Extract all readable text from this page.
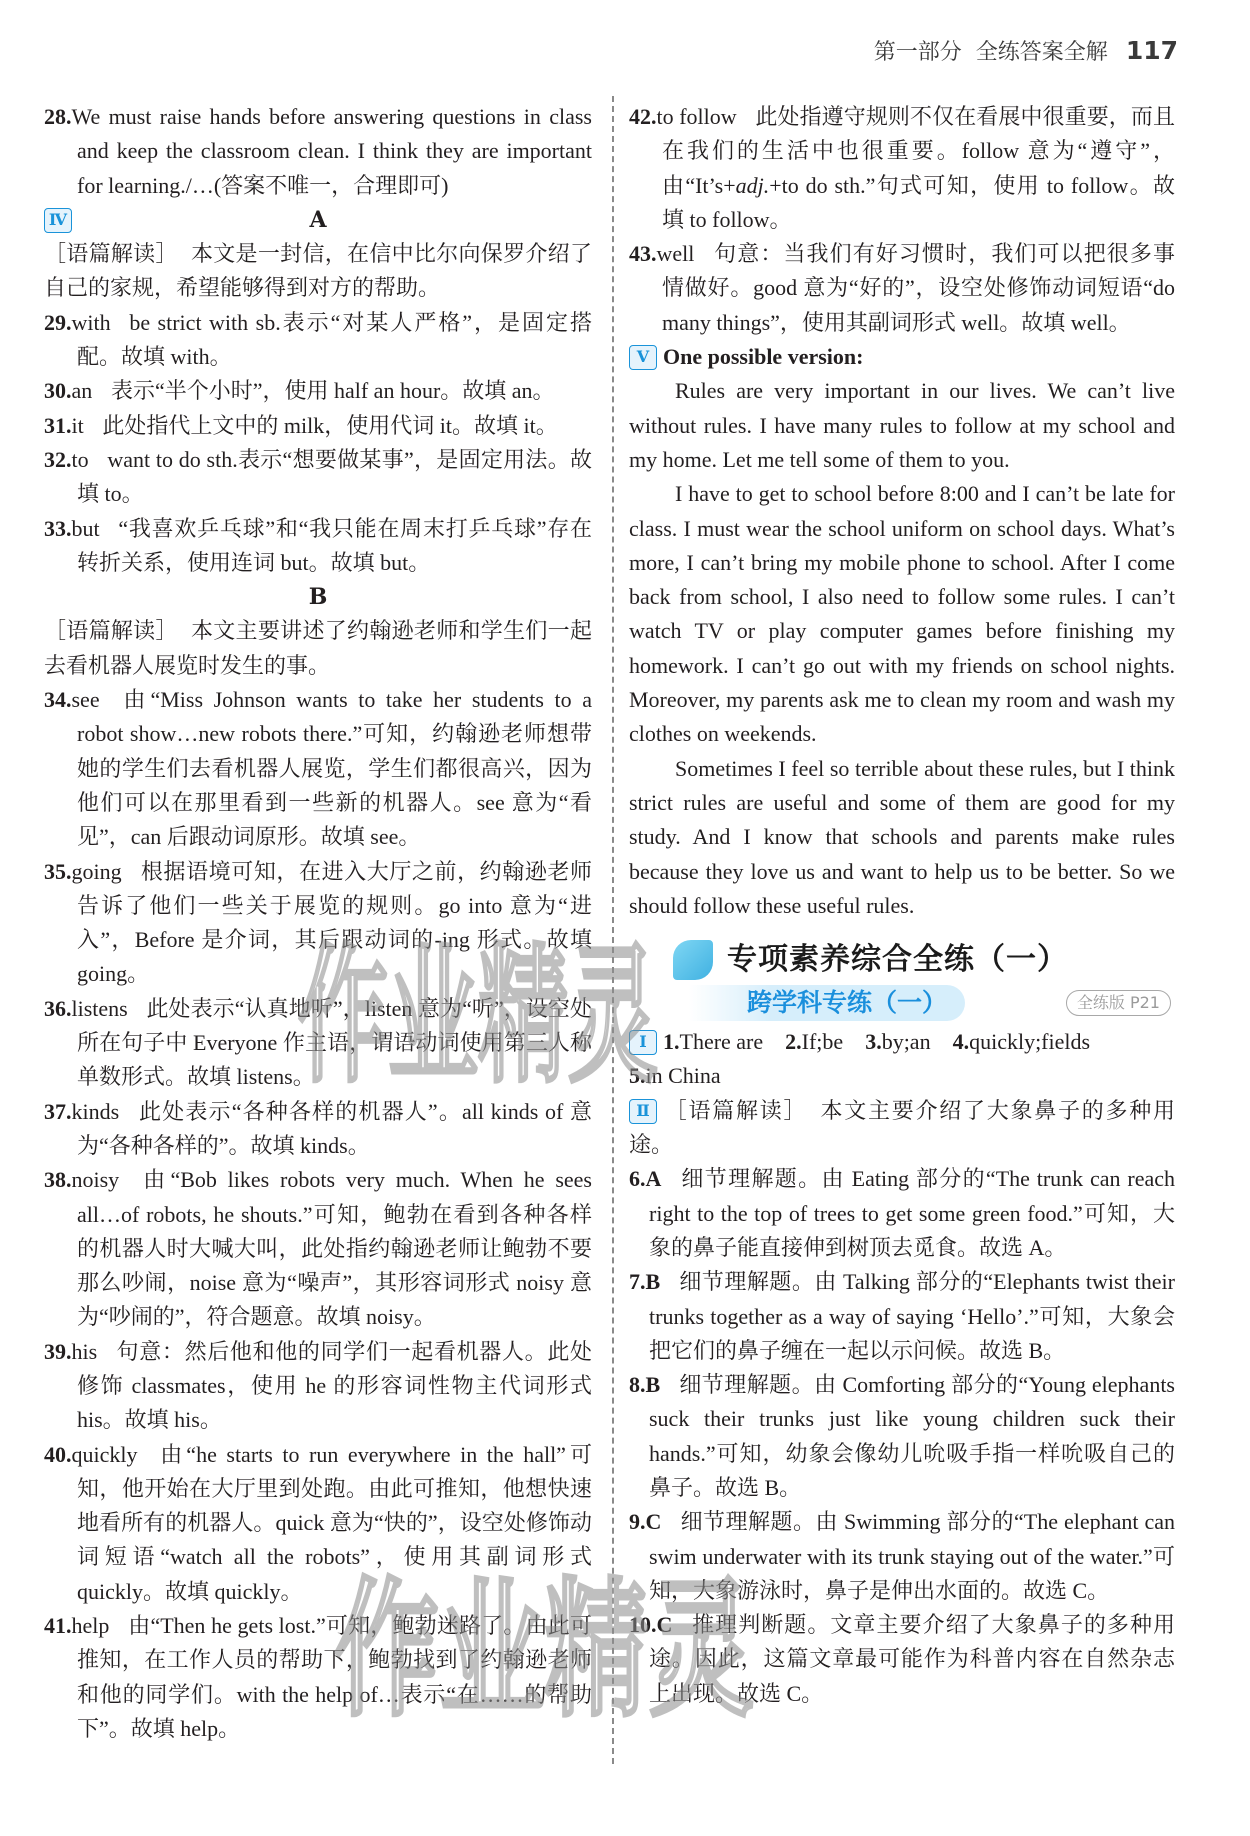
第一部分 全练答案全解 117
28.We must raise hands before answering questions in class and keep the classroom clean. I think they are important for learning./…(答案不唯一，合理即可)
Ⅳ	A
［语篇解读］ 本文是一封信，在信中比尔向保罗介绍了自己的家规，希望能够得到对方的帮助。
29.with be strict with sb.表示“对某人严格”，是固定搭配。故填 with。
30.an 表示“半个小时”，使用 half an hour。故填 an。
31.it 此处指代上文中的 milk，使用代词 it。故填 it。
32.to want to do sth.表示“想要做某事”，是固定用法。故填 to。
33.but “我喜欢乒乓球”和“我只能在周末打乒乓球”存在转折关系，使用连词 but。故填 but。
B
［语篇解读］ 本文主要讲述了约翰逊老师和学生们一起去看机器人展览时发生的事。
34.see 由“Miss Johnson wants to take her students to a robot show…new robots there.”可知，约翰逊老师想带她的学生们去看机器人展览，学生们都很高兴，因为他们可以在那里看到一些新的机器人。see 意为“看见”，can 后跟动词原形。故填 see。
35.going 根据语境可知，在进入大厅之前，约翰逊老师告诉了他们一些关于展览的规则。go into 意为“进入”，Before 是介词，其后跟动词的-ing 形式。故填 going。
36.listens 此处表示“认真地听”，listen 意为“听”，设空处所在句子中 Everyone 作主语，谓语动词使用第三人称单数形式。故填 listens。
37.kinds 此处表示“各种各样的机器人”。all kinds of 意为“各种各样的”。故填 kinds。
38.noisy 由“Bob likes robots very much. When he sees all…of robots, he shouts.”可知，鲍勃在看到各种各样的机器人时大喊大叫，此处指约翰逊老师让鲍勃不要那么吵闹，noise 意为“噪声”，其形容词形式 noisy 意为“吵闹的”，符合题意。故填 noisy。
39.his 句意：然后他和他的同学们一起看机器人。此处修饰 classmates，使用 he 的形容词性物主代词形式 his。故填 his。
40.quickly 由“he starts to run everywhere in the hall”可知，他开始在大厅里到处跑。由此可推知，他想快速地看所有的机器人。quick 意为“快的”，设空处修饰动词短语“watch all the robots”，使用其副词形式 quickly。故填 quickly。
41.help 由“Then he gets lost.”可知，鲍勃迷路了。由此可推知，在工作人员的帮助下，鲍勃找到了约翰逊老师和他的同学们。with the help of…表示“在……的帮助下”。故填 help。
42.to follow 此处指遵守规则不仅在看展中很重要，而且在我们的生活中也很重要。follow 意为“遵守”，由“It’s+adj.+to do sth.”句式可知，使用 to follow。故填 to follow。
43.well 句意：当我们有好习惯时，我们可以把很多事情做好。good 意为“好的”，设空处修饰动词短语“do many things”，使用其副词形式 well。故填 well。
Ⅴ One possible version:

Rules are very important in our lives. We can’t live without rules. I have many rules to follow at my school and my home. Let me tell some of them to you.

I have to get to school before 8:00 and I can’t be late for class. I must wear the school uniform on school days. What’s more, I can’t bring my mobile phone to school. After I come back from school, I also need to follow some rules. I can’t watch TV or play computer games before finishing my homework. I can’t go out with my friends on school nights. Moreover, my parents ask me to clean my room and wash my clothes on weekends.

Sometimes I feel so terrible about these rules, but I think strict rules are useful and some of them are good for my study. And I know that schools and parents make rules because they love us and want to help us to be better. So we should follow these useful rules.

专项素养综合全练（一）
跨学科专练（一）	全练版 P21
Ⅰ 1.There are 2.If;be 3.by;an 4.quickly;fields
5.in China
Ⅱ ［语篇解读］ 本文主要介绍了大象鼻子的多种用途。
6.A 细节理解题。由 Eating 部分的“The trunk can reach right to the top of trees to get some green food.”可知，大象的鼻子能直接伸到树顶去觅食。故选 A。
7.B 细节理解题。由 Talking 部分的“Elephants twist their trunks together as a way of saying ‘Hello’.”可知，大象会把它们的鼻子缠在一起以示问候。故选 B。
8.B 细节理解题。由 Comforting 部分的“Young elephants suck their trunks just like young children suck their hands.”可知，幼象会像幼儿吮吸手指一样吮吸自己的鼻子。故选 B。
9.C 细节理解题。由 Swimming 部分的“The elephant can swim underwater with its trunk staying out of the water.”可知，大象游泳时，鼻子是伸出水面的。故选 C。
10.C 推理判断题。文章主要介绍了大象鼻子的多种用途。因此，这篇文章最可能作为科普内容在自然杂志上出现。故选 C。
作业精灵
作业精灵
